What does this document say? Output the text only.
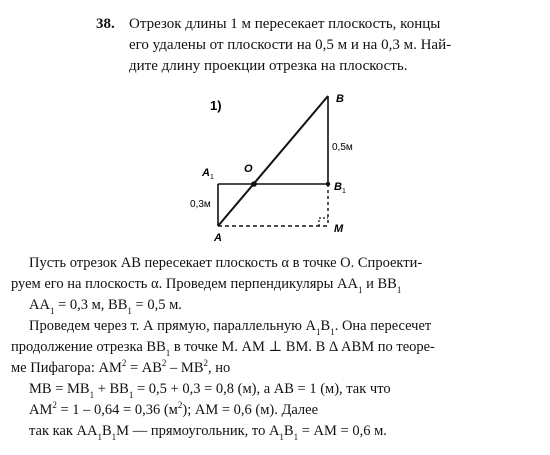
38. Отрезок длины 1 м пересекает плоскость, концы
его удалены от плоскости на 0,5 м и на 0,3 м. Най-
дите длину проекции отрезка на плоскость.
1)	B
O
A 1
B 1
A
M
0,3м
0,5м
Пусть отрезок АВ пересекает плоскость α в точке О. Спроекти-
руем его на плоскость α. Проведем перпендикуляры $АА_1$ и $ВВ_1$
$АА_1 = 0,3$ м, $ВВ_1 = 0,5$ м.
Проведем через т. А прямую, параллельную $А_1В_1$. Она пересечет
продолжение отрезка $ВВ_1$ в точке М. АМ ⊥ ВМ. В Δ АВМ по теоре-
ме Пифагора: $АМ^2 = АВ^2 - МВ^2$, но
МВ = $МВ_1 + ВВ_1 = 0,5 + 0,3 = 0,8$ (м), а АВ = 1 (м), так что
$АМ^2 = 1 - 0,64 = 0,36$ $(м^2)$; АМ = 0,6 (м). Далее
так как $АА_1В_1М$ — прямоугольник, то $А_1В_1$ = АМ = 0,6 м.
